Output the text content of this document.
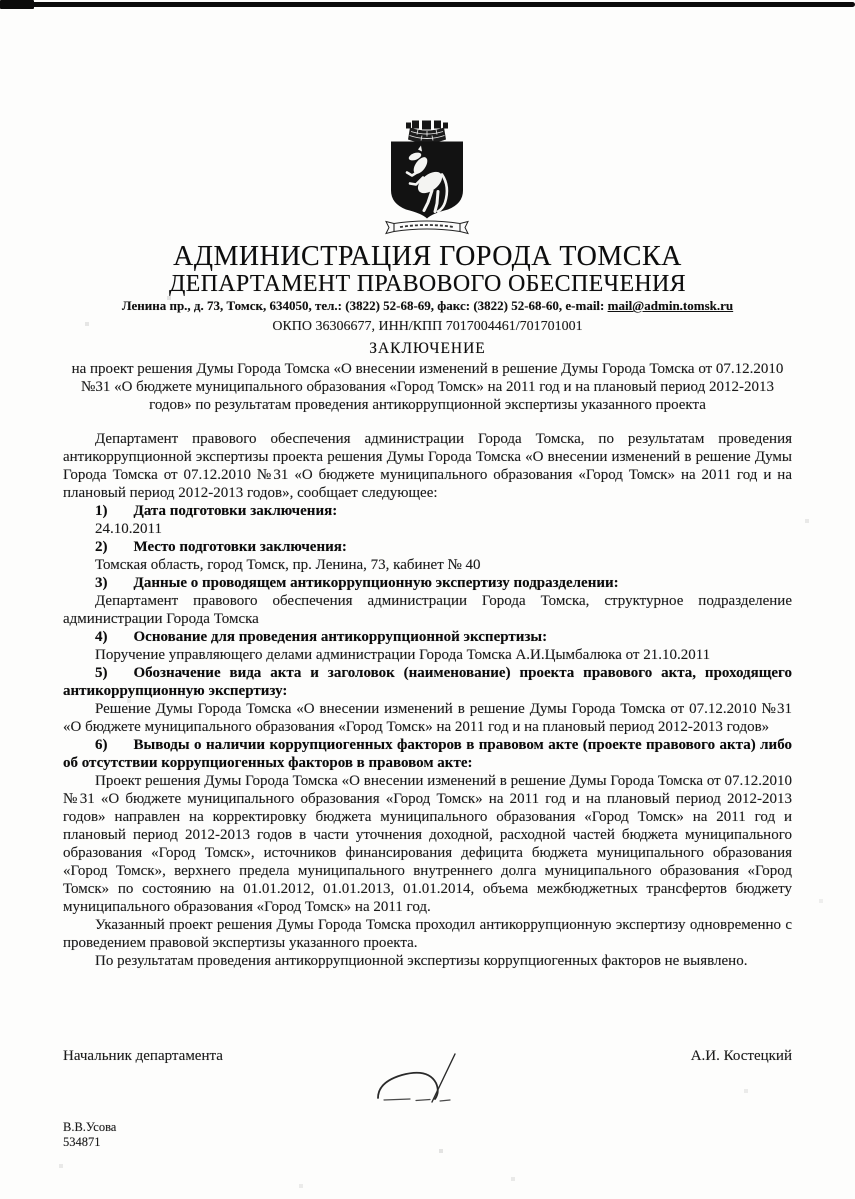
АДМИНИСТРАЦИЯ ГОРОДА ТОМСКА
ДЕПАРТАМЕНТ ПРАВОВОГО ОБЕСПЕЧЕНИЯ
Ленина пр., д. 73, Томск, 634050, тел.: (3822) 52-68-69, факс: (3822) 52-68-60, e-mail: mail@admin.tomsk.ru
ОКПО 36306677, ИНН/КПП 7017004461/701701001
ЗАКЛЮЧЕНИЕ
на проект решения Думы Города Томска «О внесении изменений в решение Думы Города Томска от 07.12.2010 №31 «О бюджете муниципального образования «Город Томск» на 2011 год и на плановый период 2012-2013 годов» по результатам проведения антикоррупционной экспертизы указанного проекта

Департамент правового обеспечения администрации Города Томска, по результатам проведения антикоррупционной экспертизы проекта решения Думы Города Томска «О внесении изменений в решение Думы Города Томска от 07.12.2010 №31 «О бюджете муниципального образования «Город Томск» на 2011 год и на плановый период 2012-2013 годов», сообщает следующее:

1) Дата подготовки заключения:

24.10.2011

2) Место подготовки заключения:

Томская область, город Томск, пр. Ленина, 73, кабинет № 40

3) Данные о проводящем антикоррупционную экспертизу подразделении:

Департамент правового обеспечения администрации Города Томска, структурное подразделение администрации Города Томска

4) Основание для проведения антикоррупционной экспертизы:

Поручение управляющего делами администрации Города Томска А.И.Цымбалюка от 21.10.2011

5) Обозначение вида акта и заголовок (наименование) проекта правового акта, проходящего антикоррупционную экспертизу:

Решение Думы Города Томска «О внесении изменений в решение Думы Города Томска от 07.12.2010 №31 «О бюджете муниципального образования «Город Томск» на 2011 год и на плановый период 2012-2013 годов»

6) Выводы о наличии коррупциогенных факторов в правовом акте (проекте правового акта) либо об отсутствии коррупциогенных факторов в правовом акте:

Проект решения Думы Города Томска «О внесении изменений в решение Думы Города Томска от 07.12.2010 №31 «О бюджете муниципального образования «Город Томск» на 2011 год и на плановый период 2012-2013 годов» направлен на корректировку бюджета муниципального образования «Город Томск» на 2011 год и плановый период 2012-2013 годов в части уточнения доходной, расходной частей бюджета муниципального образования «Город Томск», источников финансирования дефицита бюджета муниципального образования «Город Томск», верхнего предела муниципального внутреннего долга муниципального образования «Город Томск» по состоянию на 01.01.2012, 01.01.2013, 01.01.2014, объема межбюджетных трансфертов бюджету муниципального образования «Город Томск» на 2011 год.

Указанный проект решения Думы Города Томска проходил антикоррупционную экспертизу одновременно с проведением правовой экспертизы указанного проекта.

По результатам проведения антикоррупционной экспертизы коррупциогенных факторов не выявлено.

Начальник департамента	А.И. Костецкий
В.В.Усова
534871
